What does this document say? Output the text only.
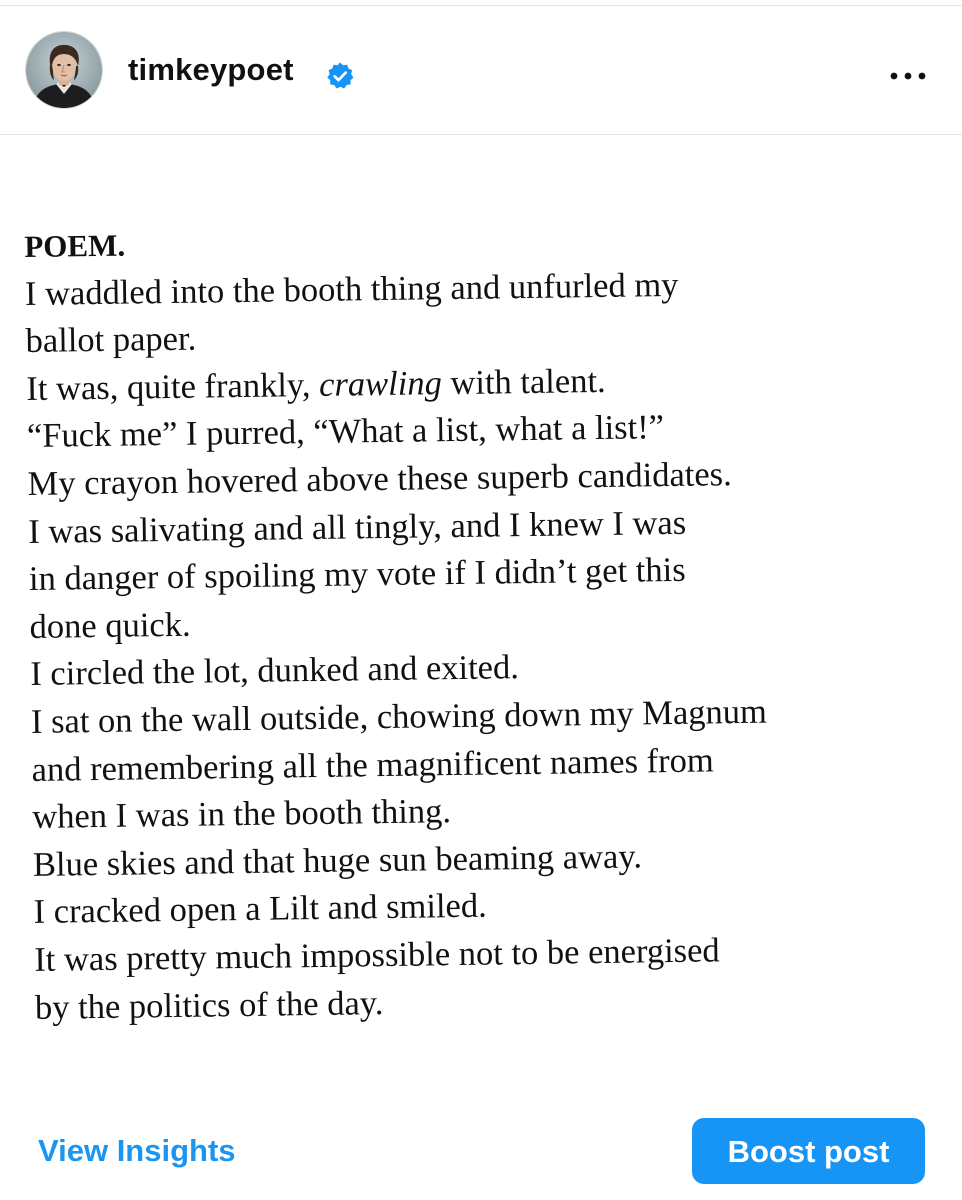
timkeypoet
POEM.
I waddled into the booth thing and unfurled my
ballot paper.
It was, quite frankly, crawling with talent.
“Fuck me” I purred, “What a list, what a list!”
My crayon hovered above these superb candidates.
I was salivating and all tingly, and I knew I was
in danger of spoiling my vote if I didn’t get this
done quick.
I circled the lot, dunked and exited.
I sat on the wall outside, chowing down my Magnum
and remembering all the magnificent names from
when I was in the booth thing.
Blue skies and that huge sun beaming away.
I cracked open a Lilt and smiled.
It was pretty much impossible not to be energised
by the politics of the day.
View Insights	Boost post
